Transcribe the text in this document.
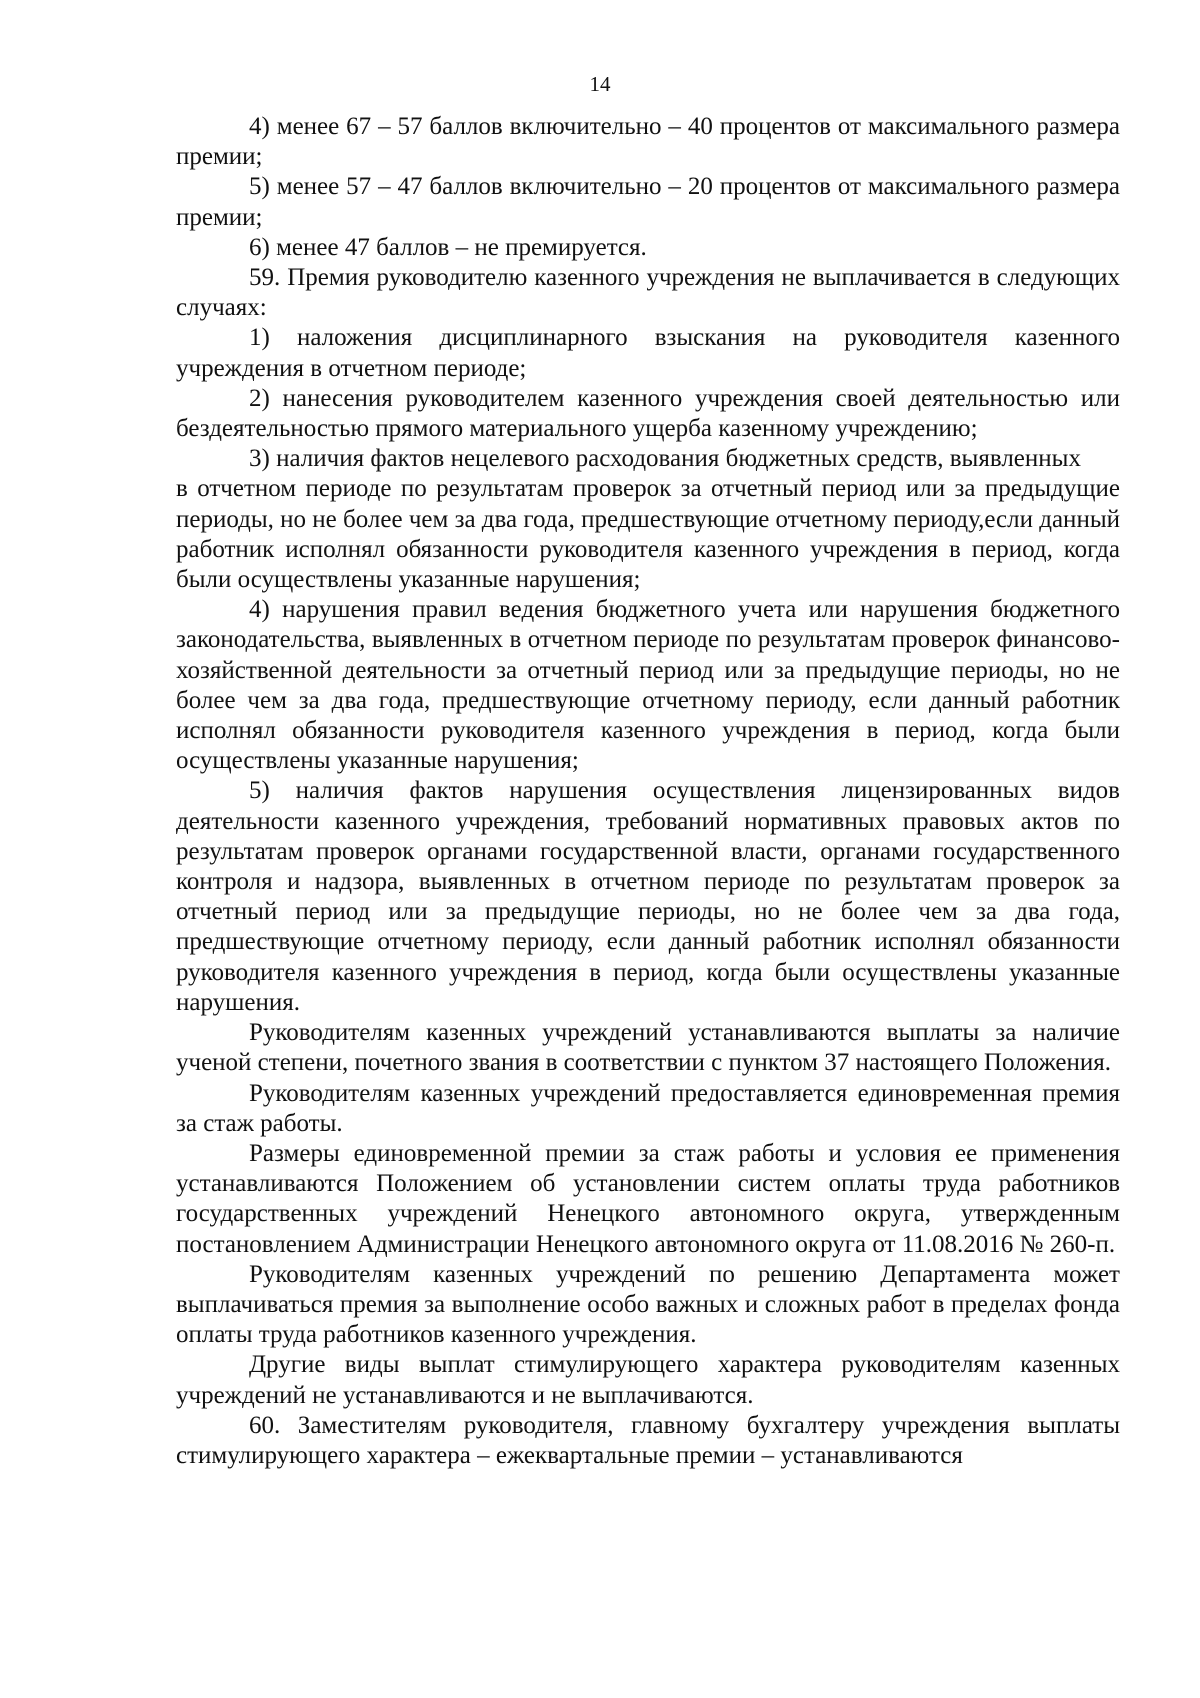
14

4) менее 67 – 57 баллов включительно – 40 процентов от максимального размера премии;

5) менее 57 – 47 баллов включительно – 20 процентов от максимального размера премии;

6) менее 47 баллов – не премируется.

59. Премия руководителю казенного учреждения не выплачивается в следующих случаях:

1) наложения дисциплинарного взыскания на руководителя казенного учреждения в отчетном периоде;

2) нанесения руководителем казенного учреждения своей деятельностью или бездеятельностью прямого материального ущерба казенному учреждению;

3) наличия фактов нецелевого расходования бюджетных средств, выявленных

в отчетном периоде по результатам проверок за отчетный период или за предыдущие периоды, но не более чем за два года, предшествующие отчетному периоду,если данный работник исполнял обязанности руководителя казенного учреждения в период, когда были осуществлены указанные нарушения;

4) нарушения правил ведения бюджетного учета или нарушения бюджетного законодательства, выявленных в отчетном периоде по результатам проверок финансово-хозяйственной деятельности за отчетный период или за предыдущие периоды, но не более чем за два года, предшествующие отчетному периоду, если данный работник исполнял обязанности руководителя казенного учреждения в период, когда были осуществлены указанные нарушения;

5) наличия фактов нарушения осуществления лицензированных видов деятельности казенного учреждения, требований нормативных правовых актов по результатам проверок органами государственной власти, органами государственного контроля и надзора, выявленных в отчетном периоде по результатам проверок за отчетный период или за предыдущие периоды, но не более чем за два года, предшествующие отчетному периоду, если данный работник исполнял обязанности руководителя казенного учреждения в период, когда были осуществлены указанные нарушения.

Руководителям казенных учреждений устанавливаются выплаты за наличие ученой степени, почетного звания в соответствии с пунктом 37 настоящего Положения.

Руководителям казенных учреждений предоставляется единовременная премия за стаж работы.

Размеры единовременной премии за стаж работы и условия ее применения устанавливаются Положением об установлении систем оплаты труда работников государственных учреждений Ненецкого автономного округа, утвержденным постановлением Администрации Ненецкого автономного округа от 11.08.2016 № 260-п.

Руководителям казенных учреждений по решению Департамента может выплачиваться премия за выполнение особо важных и сложных работ в пределах фонда оплаты труда работников казенного учреждения.

Другие виды выплат стимулирующего характера руководителям казенных учреждений не устанавливаются и не выплачиваются.

60. Заместителям руководителя, главному бухгалтеру учреждения выплаты стимулирующего характера – ежеквартальные премии – устанавливаются
